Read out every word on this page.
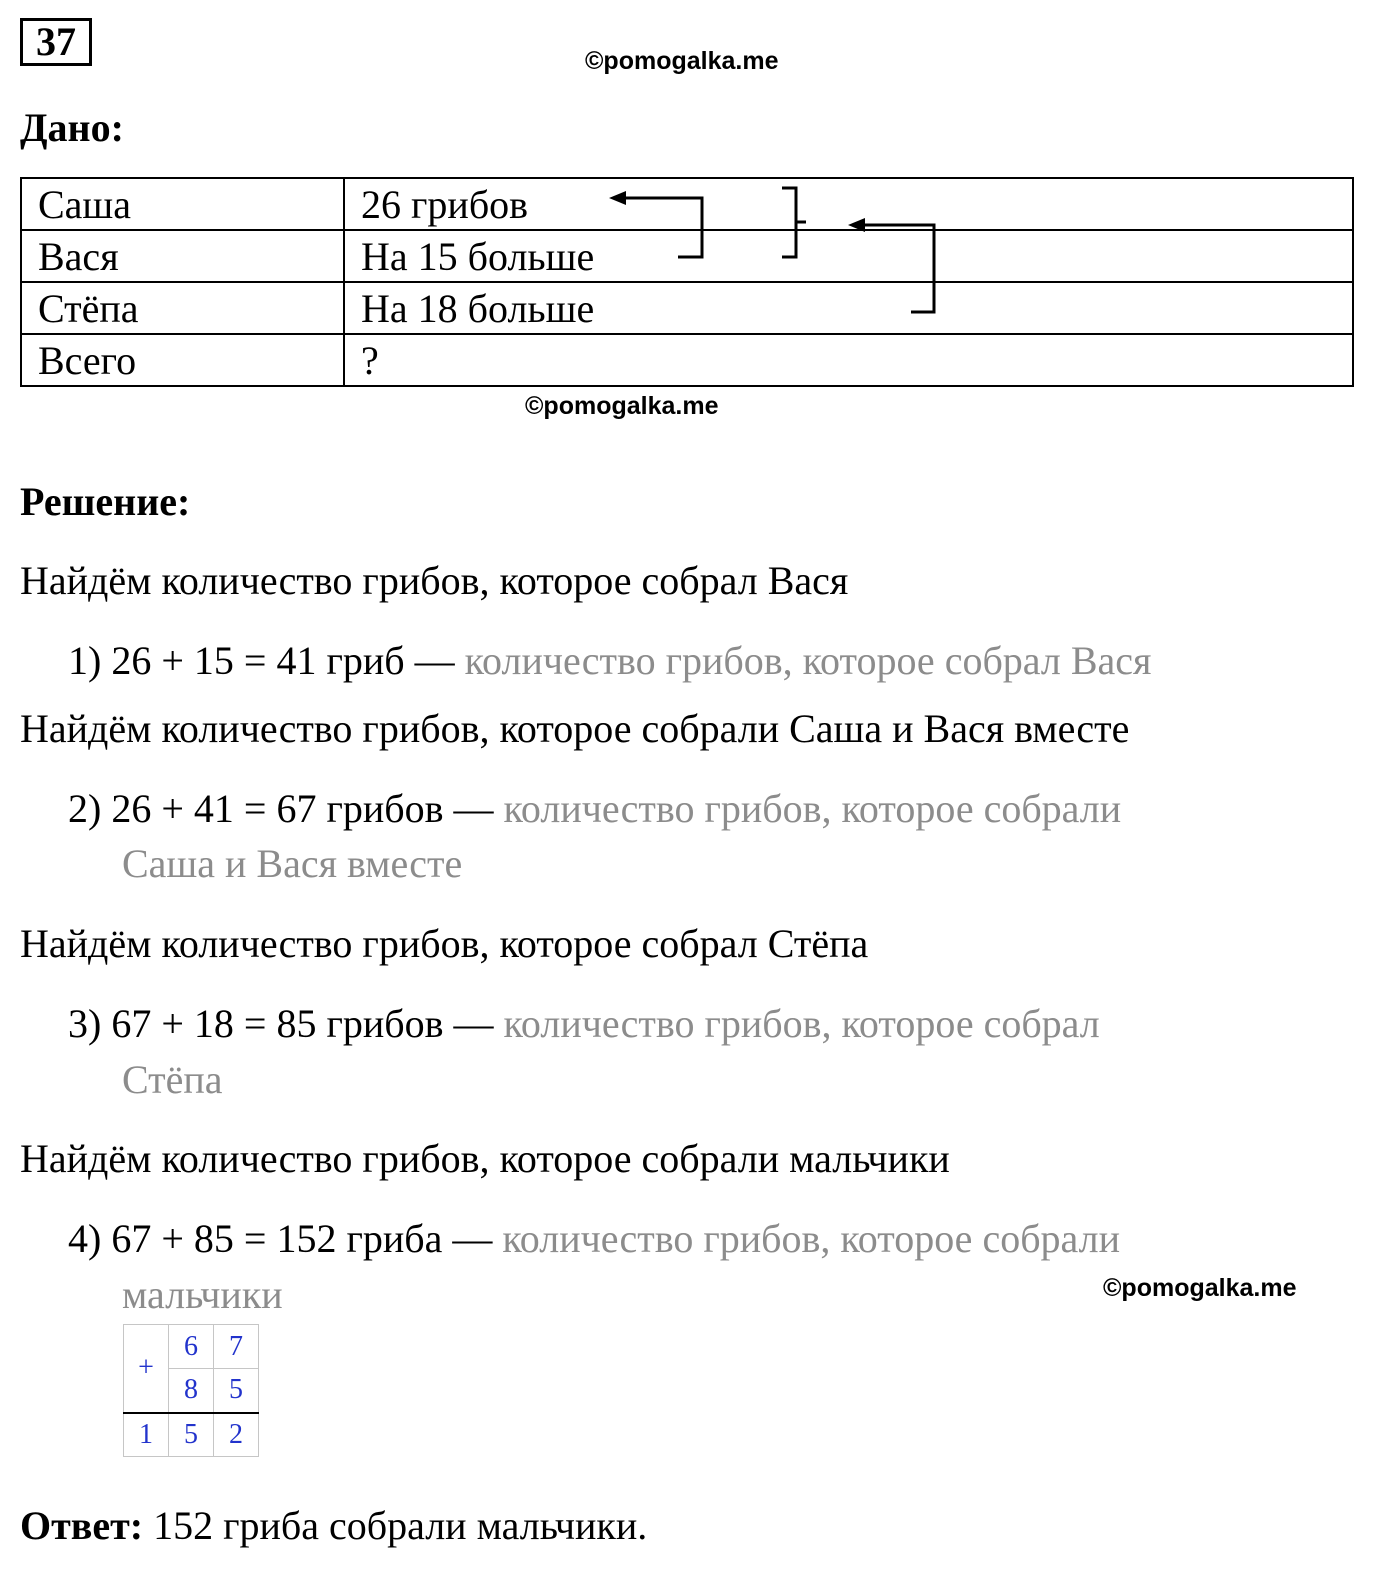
37	©pomogalka.me
Дано:
Саша	26 грибов
Вася	На 15 больше
Стёпа	На 18 больше
Всего	?
©pomogalka.me
Решение:
Найдём количество грибов, которое собрал Вася
1) 26 + 15 = 41 гриб — количество грибов, которое собрал Вася
Найдём количество грибов, которое собрали Саша и Вася вместе
2) 26 + 41 = 67 грибов — количество грибов, которое собрали
Саша и Вася вместе
Найдём количество грибов, которое собрал Стёпа
3) 67 + 18 = 85 грибов — количество грибов, которое собрал
Стёпа
Найдём количество грибов, которое собрали мальчики
4) 67 + 85 = 152 гриба — количество грибов, которое собрали
мальчики	©pomogalka.me
+	6	7
	8	5
1	5	2
Ответ: 152 гриба собрали мальчики.
